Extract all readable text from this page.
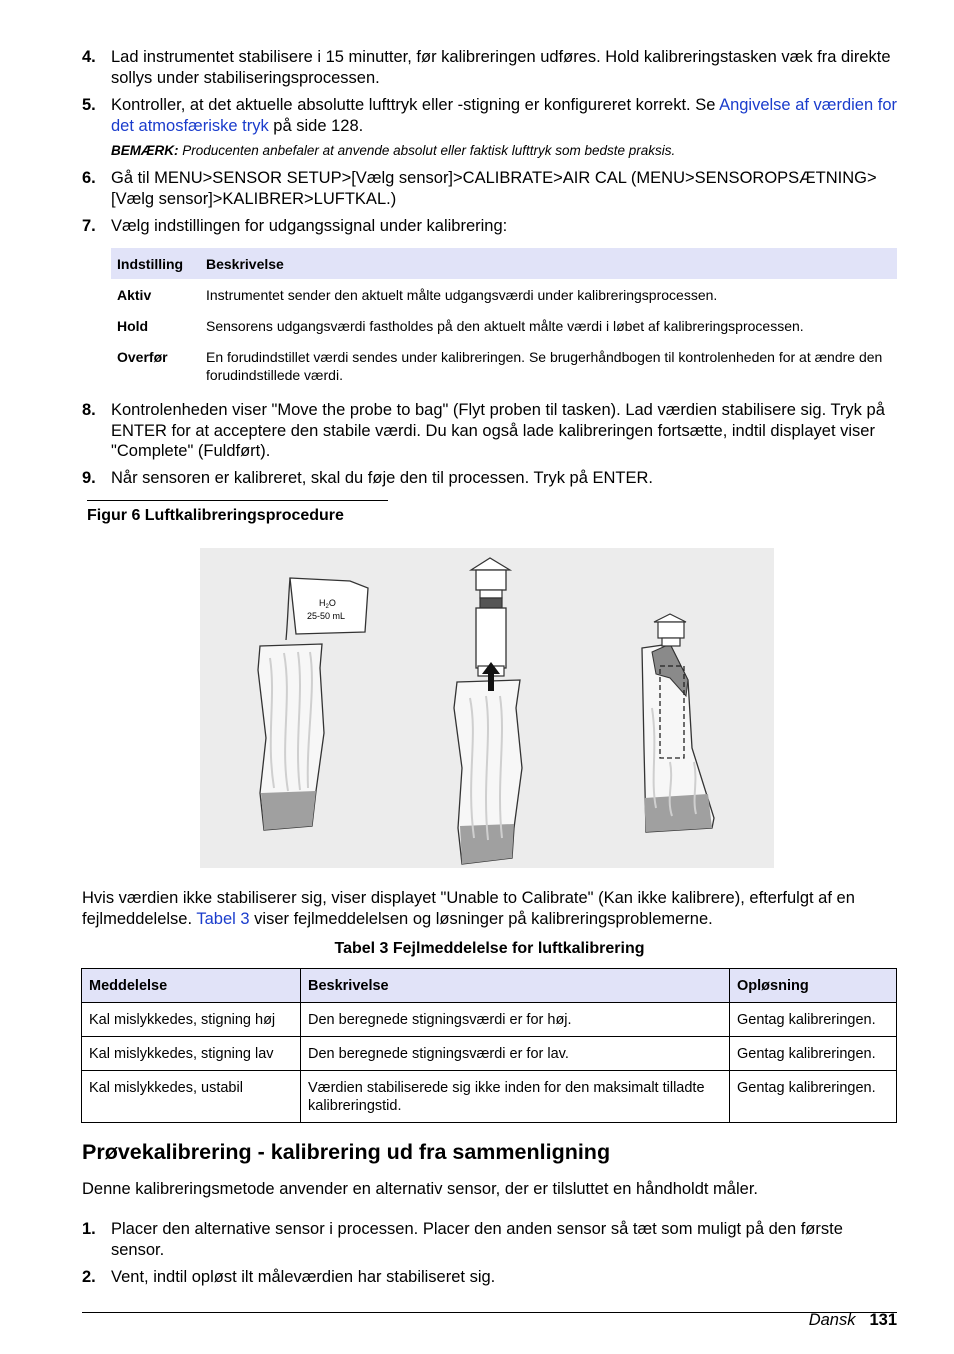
4. Lad instrumentet stabilisere i 15 minutter, før kalibreringen udføres. Hold kalibreringstasken væk fra direkte sollys under stabiliseringsprocessen.
5. Kontroller, at det aktuelle absolutte lufttryk eller -stigning er konfigureret korrekt. Se Angivelse af værdien for det atmosfæriske tryk på side 128.
BEMÆRK: Producenten anbefaler at anvende absolut eller faktisk lufttryk som bedste praksis.
6. Gå til MENU>SENSOR SETUP>[Vælg sensor]>CALIBRATE>AIR CAL (MENU>SENSOROPSÆTNING>[Vælg sensor]>KALIBRER>LUFTKAL.)
7. Vælg indstillingen for udgangssignal under kalibrering:
Indstilling	Beskrivelse
Aktiv	Instrumentet sender den aktuelt målte udgangsværdi under kalibreringsprocessen.
Hold	Sensorens udgangsværdi fastholdes på den aktuelt målte værdi i løbet af kalibreringsprocessen.
Overfør	En forudindstillet værdi sendes under kalibreringen. Se brugerhåndbogen til kontrolenheden for at ændre den forudindstillede værdi.
8. Kontrolenheden viser "Move the probe to bag" (Flyt proben til tasken). Lad værdien stabilisere sig. Tryk på ENTER for at acceptere den stabile værdi. Du kan også lade kalibreringen fortsætte, indtil displayet viser "Complete" (Fuldført).
9. Når sensoren er kalibreret, skal du føje den til processen. Tryk på ENTER.
Figur 6 Luftkalibreringsprocedure
$H_2O$
25-50 mL
Hvis værdien ikke stabiliserer sig, viser displayet "Unable to Calibrate" (Kan ikke kalibrere), efterfulgt af en fejlmeddelelse. Tabel 3 viser fejlmeddelelsen og løsninger på kalibreringsproblemerne.
Tabel 3 Fejlmeddelelse for luftkalibrering
Meddelelse	Beskrivelse	Opløsning
Kal mislykkedes, stigning høj	Den beregnede stigningsværdi er for høj.	Gentag kalibreringen.
Kal mislykkedes, stigning lav	Den beregnede stigningsværdi er for lav.	Gentag kalibreringen.
Kal mislykkedes, ustabil	Værdien stabiliserede sig ikke inden for den maksimalt tilladte kalibreringstid.	Gentag kalibreringen.
Prøvekalibrering - kalibrering ud fra sammenligning
Denne kalibreringsmetode anvender en alternativ sensor, der er tilsluttet en håndholdt måler.
1. Placer den alternative sensor i processen. Placer den anden sensor så tæt som muligt på den første sensor.
2. Vent, indtil opløst ilt måleværdien har stabiliseret sig.
Dansk 131
